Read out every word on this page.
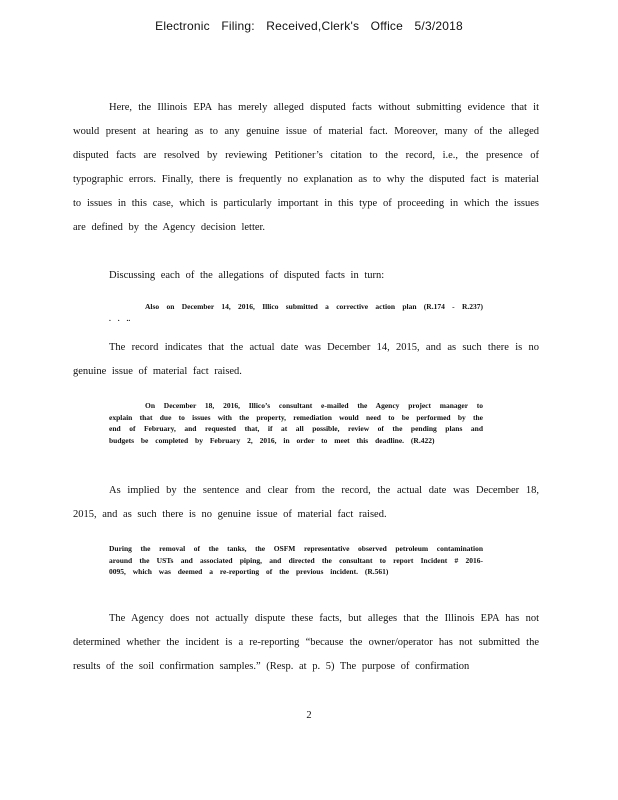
Electronic Filing: Received,Clerk's Office 5/3/2018

Here, the Illinois EPA has merely alleged disputed facts without submitting evidence that it would present at hearing as to any genuine issue of material fact. Moreover, many of the alleged disputed facts are resolved by reviewing Petitioner’s citation to the record, i.e., the presence of typographic errors. Finally, there is frequently no explanation as to why the disputed fact is material to issues in this case, which is particularly important in this type of proceeding in which the issues are defined by the Agency decision letter.

Discussing each of the allegations of disputed facts in turn:

Also on December 14, 2016, Illico submitted a corrective action plan (R.174 - R.237) . . ..

The record indicates that the actual date was December 14, 2015, and as such there is no genuine issue of material fact raised.

On December 18, 2016, Illico’s consultant e-mailed the Agency project manager to explain that due to issues with the property, remediation would need to be performed by the end of February, and requested that, if at all possible, review of the pending plans and budgets be completed by February 2, 2016, in order to meet this deadline. (R.422)

As implied by the sentence and clear from the record, the actual date was December 18, 2015, and as such there is no genuine issue of material fact raised.

During the removal of the tanks, the OSFM representative observed petroleum contamination around the USTs and associated piping, and directed the consultant to report Incident # 2016-0095, which was deemed a re-reporting of the previous incident. (R.561)

The Agency does not actually dispute these facts, but alleges that the Illinois EPA has not determined whether the incident is a re-reporting “because the owner/operator has not submitted the results of the soil confirmation samples.” (Resp. at p. 5) The purpose of confirmation

2
